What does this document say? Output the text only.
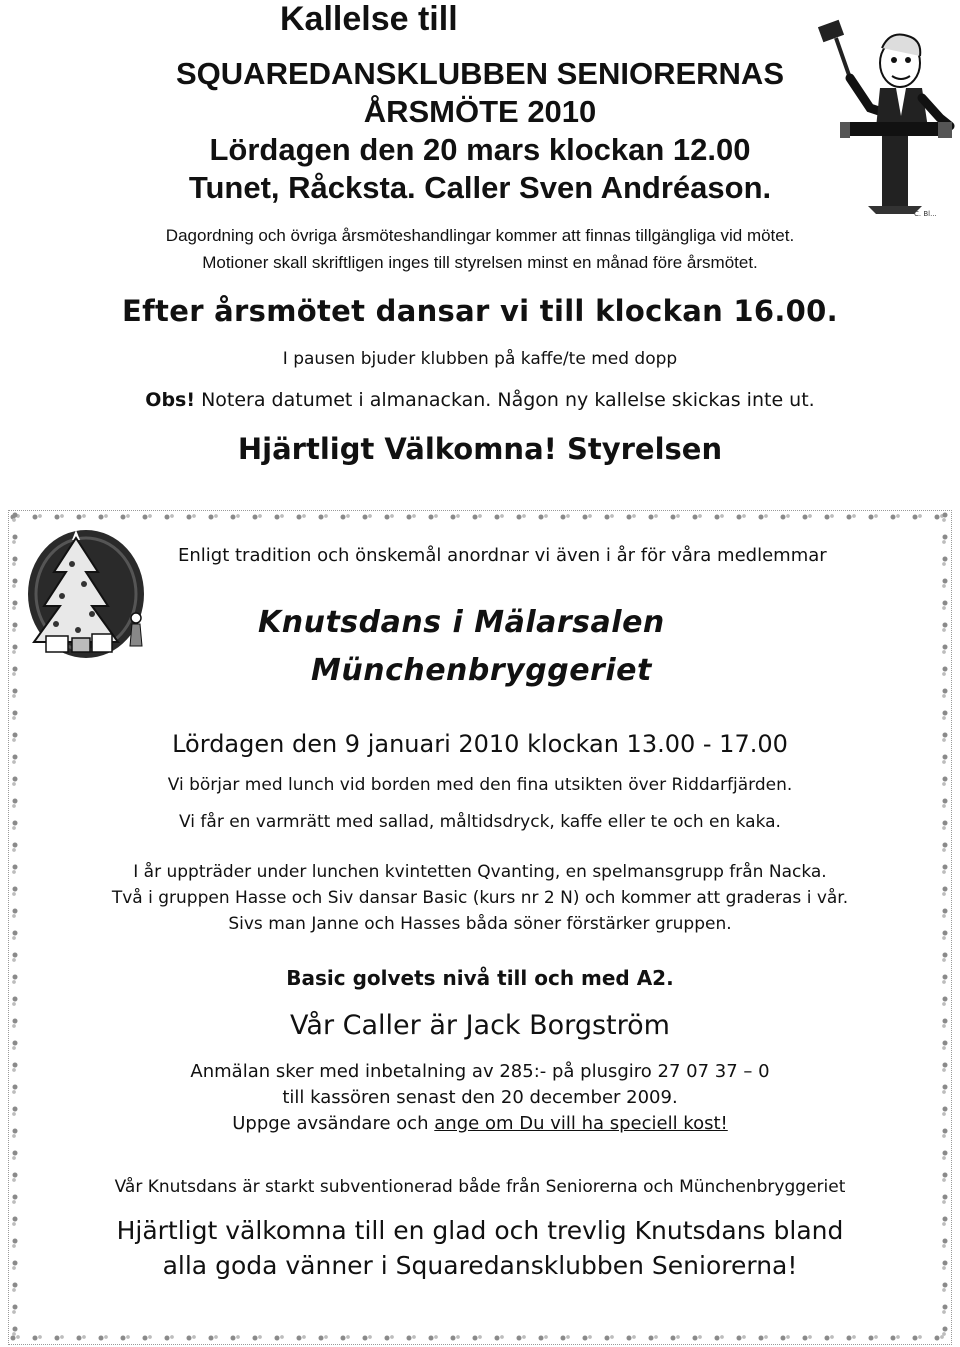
Kallelse till
C. Bl...
SQUAREDANSKLUBBEN SENIORERNAS
ÅRSMÖTE 2010
Lördagen den 20 mars klockan 12.00
Tunet, Råcksta. Caller Sven Andréason.
Dagordning och övriga årsmöteshandlingar kommer att finnas tillgängliga vid mötet.
Motioner skall skriftligen inges till styrelsen minst en månad före årsmötet.
Efter årsmötet dansar vi till klockan 16.00.
I pausen bjuder klubben på kaffe/te med dopp
Obs! Notera datumet i almanackan. Någon ny kallelse skickas inte ut.
Hjärtligt Välkomna! Styrelsen
Enligt tradition och önskemål anordnar vi även i år för våra medlemmar
Knutsdans i Mälarsalen
Münchenbryggeriet
Lördagen den 9 januari 2010 klockan 13.00 - 17.00
Vi börjar med lunch vid borden med den fina utsikten över Riddarfjärden.
Vi får en varmrätt med sallad, måltidsdryck, kaffe eller te och en kaka.
I år uppträder under lunchen kvintetten Qvanting, en spelmansgrupp från Nacka.
Två i gruppen Hasse och Siv dansar Basic (kurs nr 2 N) och kommer att graderas i vår.
Sivs man Janne och Hasses båda söner förstärker gruppen.
Basic golvets nivå till och med A2.
Vår Caller är Jack Borgström
Anmälan sker med inbetalning av 285:- på plusgiro 27 07 37 – 0
till kassören senast den 20 december 2009.
Uppge avsändare och ange om Du vill ha speciell kost!
Vår Knutsdans är starkt subventionerad både från Seniorerna och Münchenbryggeriet
Hjärtligt välkomna till en glad och trevlig Knutsdans bland
alla goda vänner i Squaredansklubben Seniorerna!
